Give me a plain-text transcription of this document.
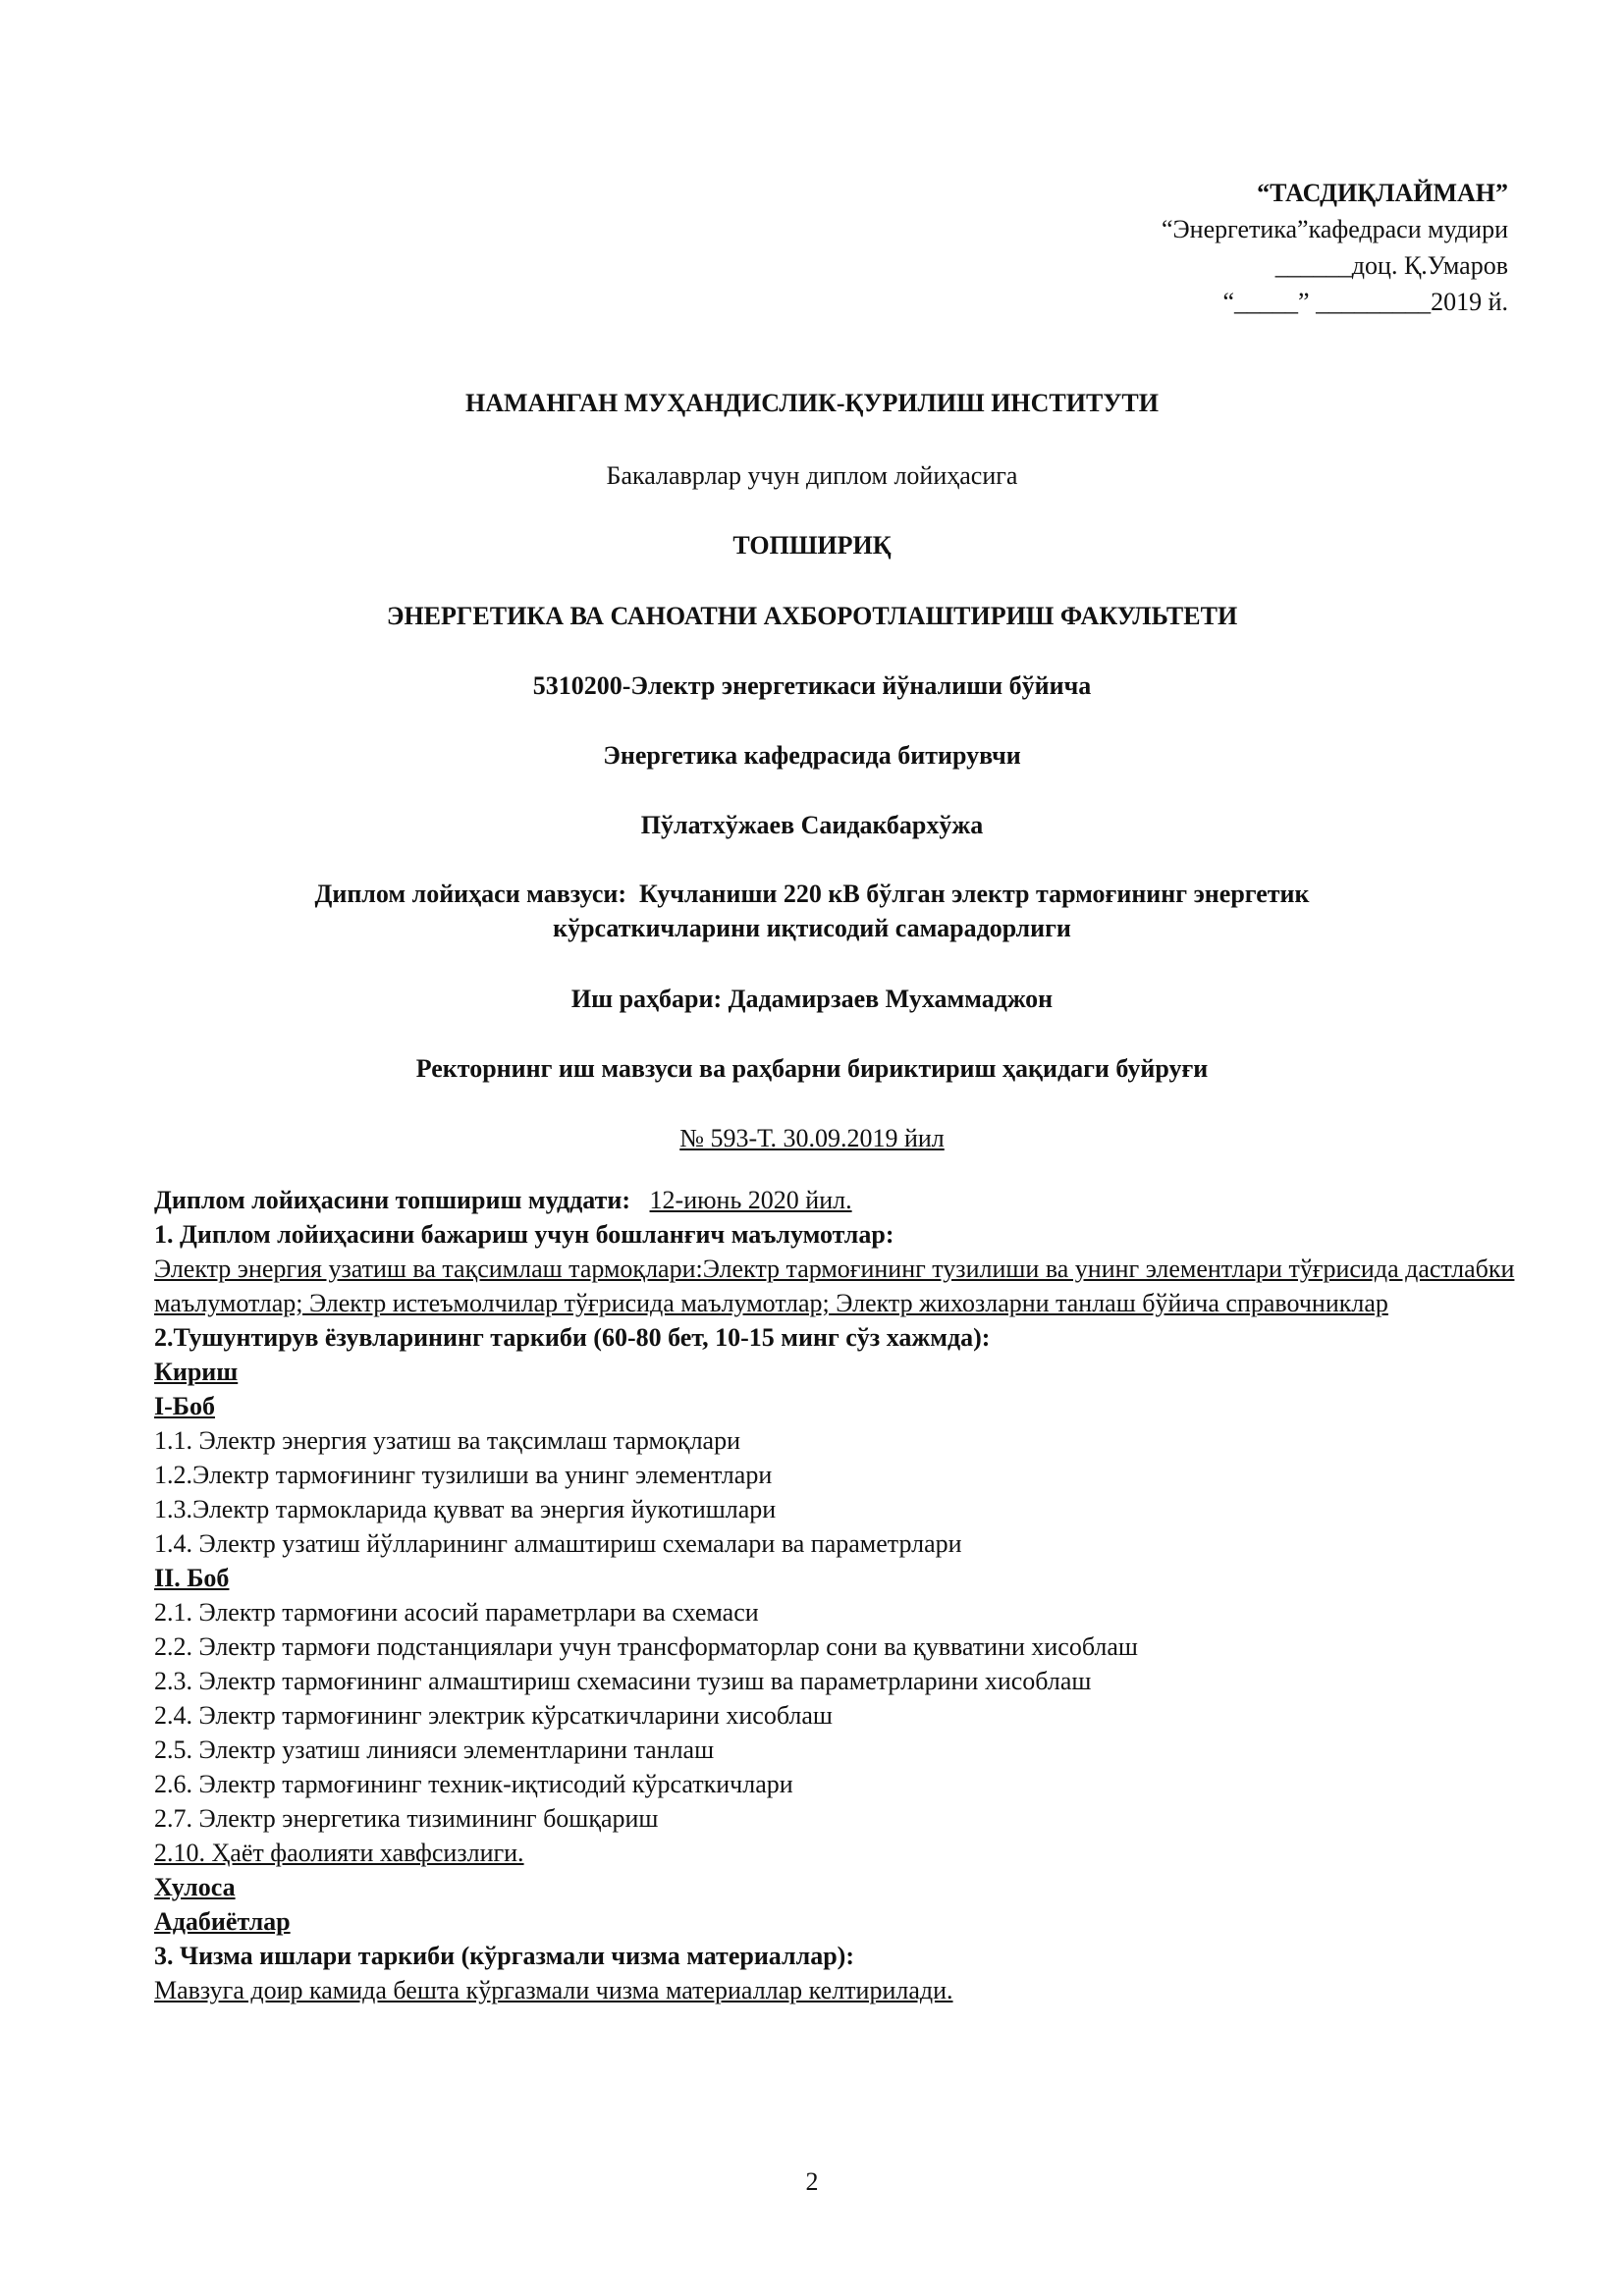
“ТАСДИҚЛАЙМАН”
“Энергетика”кафедраси мудири
______доц. Қ.Умаров
“_____” _________2019 й.
НАМАНГАН МУҲАНДИСЛИК-ҚУРИЛИШ ИНСТИТУТИ
Бакалаврлар учун диплом лойиҳасига
ТОПШИРИҚ
ЭНЕРГЕТИКА ВА САНОАТНИ АХБОРОТЛАШТИРИШ ФАКУЛЬТЕТИ
5310200-Электр энергетикаси йўналиши бўйича
Энергетика кафедрасида битирувчи
Пўлатхўжаев Саидакбархўжа
Диплом лойиҳаси мавзуси:  Кучланиши 220 кВ бўлган электр тармоғининг энергетик
кўрсаткичларини иқтисодий самарадорлиги
Иш раҳбари: Дадамирзаев Мухаммаджон
Ректорнинг иш мавзуси ва раҳбарни бириктириш ҳақидаги буйруғи
№ 593-Т. 30.09.2019 йил
Диплом лойиҳасини топшириш муддати: 12-июнь 2020 йил.
1. Диплом лойиҳасини бажариш учун бошланғич маълумотлар:
Электр энергия узатиш ва тақсимлаш тармоқлари:Электр тармоғининг тузилиши ва унинг элементлари тўғрисида дастлабки маълумотлар; Электр истеъмолчилар тўғрисида маълумотлар; Электр жихозларни танлаш бўйича справочниклар
2.Тушунтирув ёзувларининг таркиби (60-80 бет, 10-15 минг сўз хажмда):
Кириш
I-Боб
1.1. Электр энергия узатиш ва тақсимлаш тармоқлари
1.2.Электр тармоғининг тузилиши ва унинг элементлари
1.3.Электр тармокларида қувват ва энергия йукотишлари
1.4. Электр узатиш йўлларининг алмаштириш схемалари ва параметрлари
II. Боб
2.1. Электр тармоғини асосий параметрлари ва схемаси
2.2. Электр тармоғи подстанциялари учун трансформаторлар сони ва қувватини хисоблаш
2.3. Электр тармоғининг алмаштириш схемасини тузиш ва параметрларини хисоблаш
2.4. Электр тармоғининг электрик кўрсаткичларини хисоблаш
2.5. Электр узатиш линияси элементларини танлаш
2.6. Электр тармоғининг техник-иқтисодий кўрсаткичлари
2.7. Электр энергетика тизимининг бошқариш
2.10. Ҳаёт фаолияти хавфсизлиги.
Хулоса
Адабиётлар
3. Чизма ишлари таркиби (кўргазмали чизма материаллар):
Мавзуга доир камида бешта кўргазмали чизма материаллар келтирилади.
2
